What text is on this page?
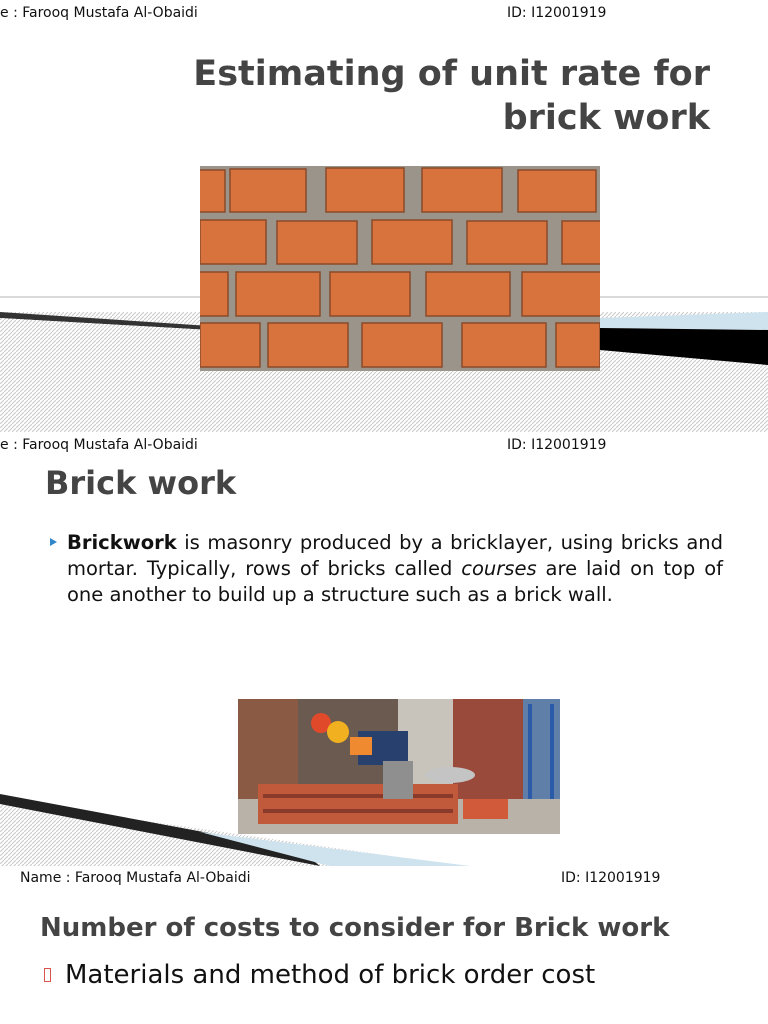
e : Farooq Mustafa Al-Obaidi	ID: I12001919
Estimating of unit rate for brick work
e : Farooq Mustafa Al-Obaidi	ID: I12001919
Brick work
Brickwork is masonry produced by a bricklayer, using bricks and mortar. Typically, rows of bricks called courses are laid on top of one another to build up a structure such as a brick wall.
Name : Farooq Mustafa Al-Obaidi	ID: I12001919
Number of costs to consider for Brick work
Materials and method of brick order cost
